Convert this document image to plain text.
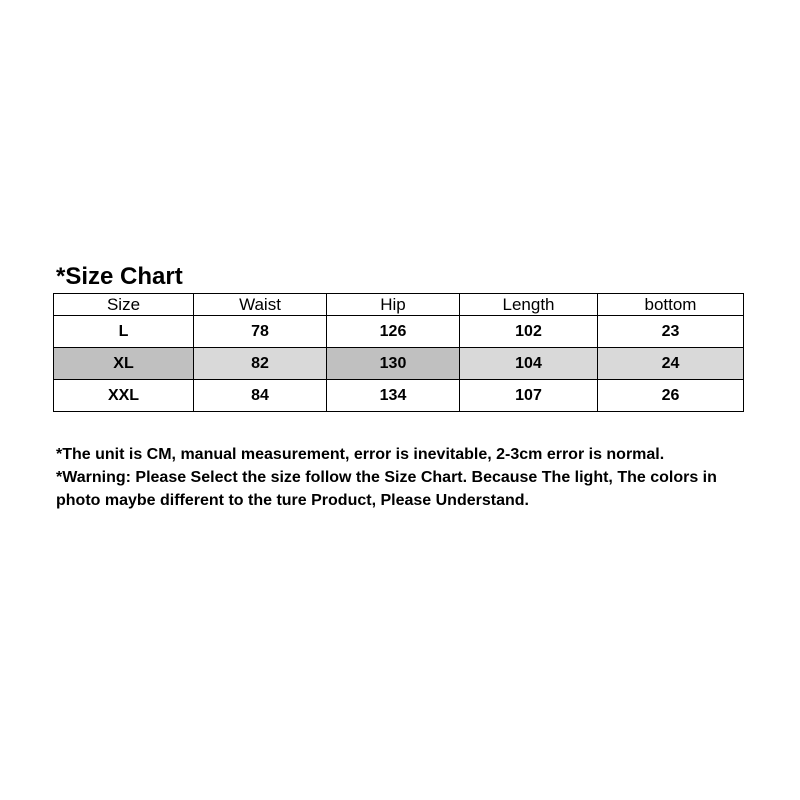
*Size Chart
Size	Waist	Hip	Length	bottom
L	78	126	102	23
XL	82	130	104	24
XXL	84	134	107	26

*The unit is CM, manual measurement, error is inevitable, 2-3cm error is normal.

*Warning: Please Select the size follow the Size Chart. Because The light, The colors in photo maybe different to the ture Product, Please Understand.
